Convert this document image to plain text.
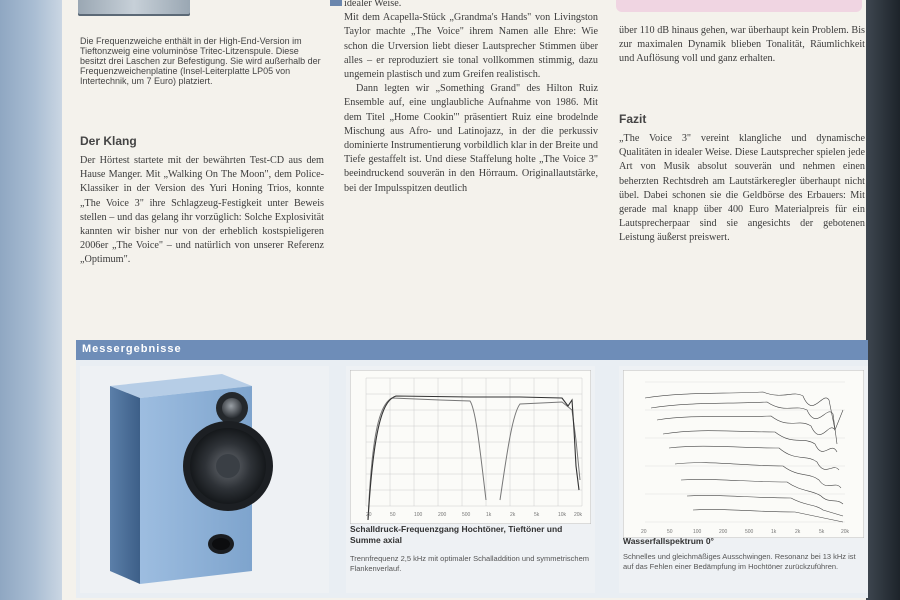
Die Frequenzweiche enthält in der High-End-Version im Tieftonzweig eine voluminöse Tritec-Litzenspule. Diese besitzt drei Laschen zur Befestigung. Sie wird außerhalb der Frequenzweichenplatine (Insel-Leiterplatte LP05 von Intertechnik, um 7 Euro) platziert.
Der Klang

Der Hörtest startete mit der bewährten Test-CD aus dem Hause Manger. Mit „Walking On The Moon", dem Police-Klassiker in der Version des Yuri Honing Trios, konnte „The Voice 3" ihre Schlagzeug-Festigkeit unter Beweis stellen – und das gelang ihr vorzüglich: Solche Explosivität kannten wir bisher nur von der erheblich kostspieligeren 2006er „The Voice" – und natürlich von unserer Referenz „Optimum".

idealer Weise.

Mit dem Acapella-Stück „Grandma's Hands" von Livingston Taylor machte „The Voice" ihrem Namen alle Ehre: Wie schon die Urversion liebt dieser Lautsprecher Stimmen über alles – er reproduziert sie tonal vollkommen stimmig, dazu ungemein plastisch und zum Greifen realistisch.

Dann legten wir „Something Grand" des Hilton Ruiz Ensemble auf, eine unglaubliche Aufnahme von 1986. Mit dem Titel „Home Cookin'" präsentiert Ruiz eine brodelnde Mischung aus Afro- und Latinojazz, in der die perkussiv dominierte Instrumentierung vorbildlich klar in der Breite und Tiefe gestaffelt ist. Und diese Staffelung holte „The Voice 3" beeindruckend souverän in den Hörraum. Originallautstärke, bei der Impulsspitzen deutlich

über 110 dB hinaus gehen, war überhaupt kein Problem. Bis zur maximalen Dynamik blieben Tonalität, Räumlichkeit und Auflösung voll und ganz erhalten.

Fazit

„The Voice 3" vereint klangliche und dynamische Qualitäten in idealer Weise. Diese Lautsprecher spielen jede Art von Musik absolut souverän und nehmen einen beherzten Rechtsdreh am Lautstärkeregler überhaupt nicht übel. Dabei schonen sie die Geldbörse des Erbauers: Mit gerade mal knapp über 400 Euro Materialpreis für ein Lautsprecherpaar sind sie angesichts der gebotenen Leistung äußerst preiswert.

Messergebnisse
20	50	100	200	500	1k	2k	5k	10k 20k
Schalldruck-Frequenzgang Hochtöner, Tieftöner und Summe axial
Trennfrequenz 2,5 kHz mit optimaler Schalladdition und symmetrischem Flankenverlauf.
20	50	100	200	500	1k	2k	5k	20k
Wasserfallspektrum 0°
Schnelles und gleichmäßiges Ausschwingen. Resonanz bei 13 kHz ist auf das Fehlen einer Bedämpfung im Hochtöner zurückzuführen.
